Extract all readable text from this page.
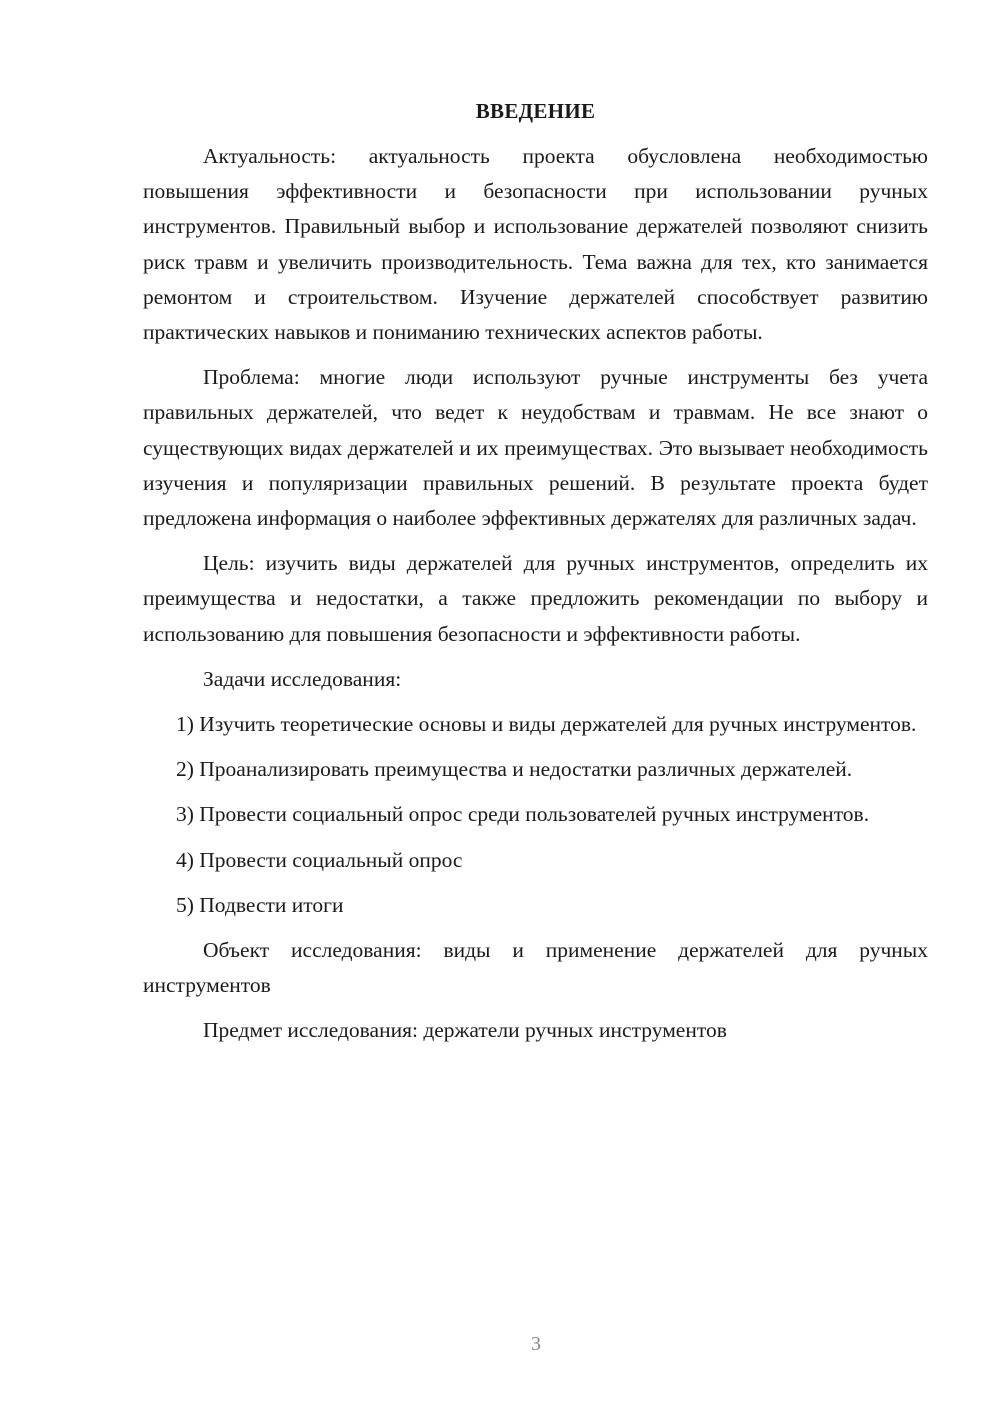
ВВЕДЕНИЕ

Актуальность: актуальность проекта обусловлена необходимостью повышения эффективности и безопасности при использовании ручных инструментов. Правильный выбор и использование держателей позволяют снизить риск травм и увеличить производительность. Тема важна для тех, кто занимается ремонтом и строительством. Изучение держателей способствует развитию практических навыков и пониманию технических аспектов работы.

Проблема: многие люди используют ручные инструменты без учета правильных держателей, что ведет к неудобствам и травмам. Не все знают о существующих видах держателей и их преимуществах. Это вызывает необходимость изучения и популяризации правильных решений. В результате проекта будет предложена информация о наиболее эффективных держателях для различных задач.

Цель: изучить виды держателей для ручных инструментов, определить их преимущества и недостатки, а также предложить рекомендации по выбору и использованию для повышения безопасности и эффективности работы.

Задачи исследования:

1) Изучить теоретические основы и виды держателей для ручных инструментов.

2) Проанализировать преимущества и недостатки различных держателей.

3) Провести социальный опрос среди пользователей ручных инструментов.

4) Провести социальный опрос

5) Подвести итоги

Объект исследования: виды и применение держателей для ручных инструментов

Предмет исследования: держатели ручных инструментов

3
